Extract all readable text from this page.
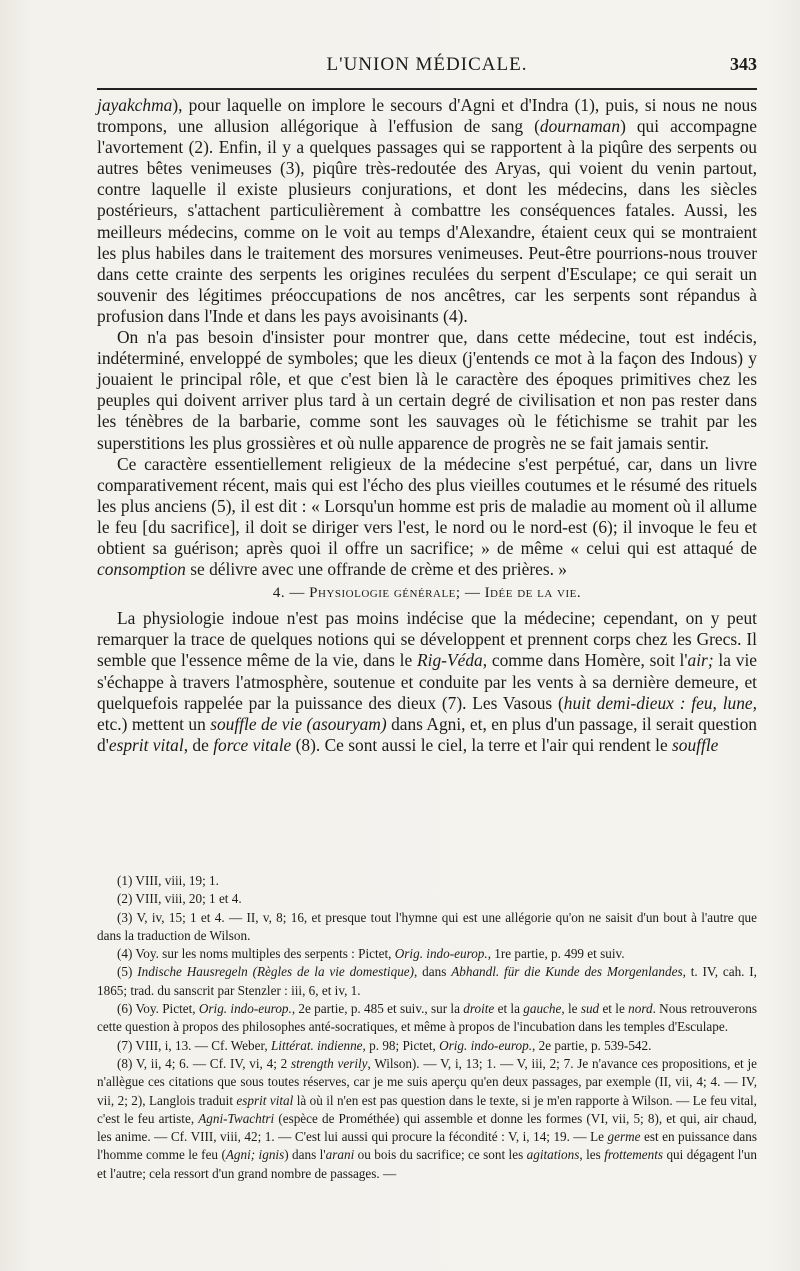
L'UNION MÉDICALE.	343

jayakchma), pour laquelle on implore le secours d'Agni et d'Indra (1), puis, si nous ne nous trompons, une allusion allégorique à l'effusion de sang (dournaman) qui accompagne l'avortement (2). Enfin, il y a quelques passages qui se rapportent à la piqûre des serpents ou autres bêtes venimeuses (3), piqûre très-redoutée des Aryas, qui voient du venin partout, contre laquelle il existe plusieurs conjurations, et dont les médecins, dans les siècles postérieurs, s'attachent particulièrement à combattre les conséquences fatales. Aussi, les meilleurs médecins, comme on le voit au temps d'Alexandre, étaient ceux qui se montraient les plus habiles dans le traitement des morsures venimeuses. Peut-être pourrions-nous trouver dans cette crainte des serpents les origines reculées du serpent d'Esculape; ce qui serait un souvenir des légitimes préoccupations de nos ancêtres, car les serpents sont répandus à profusion dans l'Inde et dans les pays avoisinants (4).

On n'a pas besoin d'insister pour montrer que, dans cette médecine, tout est indécis, indéterminé, enveloppé de symboles; que les dieux (j'entends ce mot à la façon des Indous) y jouaient le principal rôle, et que c'est bien là le caractère des époques primitives chez les peuples qui doivent arriver plus tard à un certain degré de civilisation et non pas rester dans les ténèbres de la barbarie, comme sont les sauvages où le fétichisme se trahit par les superstitions les plus grossières et où nulle apparence de progrès ne se fait jamais sentir.

Ce caractère essentiellement religieux de la médecine s'est perpétué, car, dans un livre comparativement récent, mais qui est l'écho des plus vieilles coutumes et le résumé des rituels les plus anciens (5), il est dit : « Lorsqu'un homme est pris de maladie au moment où il allume le feu [du sacrifice], il doit se diriger vers l'est, le nord ou le nord-est (6); il invoque le feu et obtient sa guérison; après quoi il offre un sacrifice; » de même « celui qui est attaqué de consomption se délivre avec une offrande de crème et des prières. »

4. — Physiologie générale; — Idée de la vie.

La physiologie indoue n'est pas moins indécise que la médecine; cependant, on y peut remarquer la trace de quelques notions qui se développent et prennent corps chez les Grecs. Il semble que l'essence même de la vie, dans le Rig-Véda, comme dans Homère, soit l'air; la vie s'échappe à travers l'atmosphère, soutenue et conduite par les vents à sa dernière demeure, et quelquefois rappelée par la puissance des dieux (7). Les Vasous (huit demi-dieux : feu, lune, etc.) mettent un souffle de vie (asouryam) dans Agni, et, en plus d'un passage, il serait question d'esprit vital, de force vitale (8). Ce sont aussi le ciel, la terre et l'air qui rendent le souffle

(1) VIII, viii, 19; 1.

(2) VIII, viii, 20; 1 et 4.

(3) V, iv, 15; 1 et 4. — II, v, 8; 16, et presque tout l'hymne qui est une allégorie qu'on ne saisit d'un bout à l'autre que dans la traduction de Wilson.

(4) Voy. sur les noms multiples des serpents : Pictet, Orig. indo-europ., 1re partie, p. 499 et suiv.

(5) Indische Hausregeln (Règles de la vie domestique), dans Abhandl. für die Kunde des Morgenlandes, t. IV, cah. I, 1865; trad. du sanscrit par Stenzler : iii, 6, et iv, 1.

(6) Voy. Pictet, Orig. indo-europ., 2e partie, p. 485 et suiv., sur la droite et la gauche, le sud et le nord. Nous retrouverons cette question à propos des philosophes anté-socratiques, et même à propos de l'incubation dans les temples d'Esculape.

(7) VIII, i, 13. — Cf. Weber, Littérat. indienne, p. 98; Pictet, Orig. indo-europ., 2e partie, p. 539-542.

(8) V, ii, 4; 6. — Cf. IV, vi, 4; 2 strength verily, Wilson). — V, i, 13; 1. — V, iii, 2; 7. Je n'avance ces propositions, et je n'allègue ces citations que sous toutes réserves, car je me suis aperçu qu'en deux passages, par exemple (II, vii, 4; 4. — IV, vii, 2; 2), Langlois traduit esprit vital là où il n'en est pas question dans le texte, si je m'en rapporte à Wilson. — Le feu vital, c'est le feu artiste, Agni-Twachtri (espèce de Prométhée) qui assemble et donne les formes (VI, vii, 5; 8), et qui, air chaud, les anime. — Cf. VIII, viii, 42; 1. — C'est lui aussi qui procure la fécondité : V, i, 14; 19. — Le germe est en puissance dans l'homme comme le feu (Agni; ignis) dans l'arani ou bois du sacrifice; ce sont les agitations, les frottements qui dégagent l'un et l'autre; cela ressort d'un grand nombre de passages. —
